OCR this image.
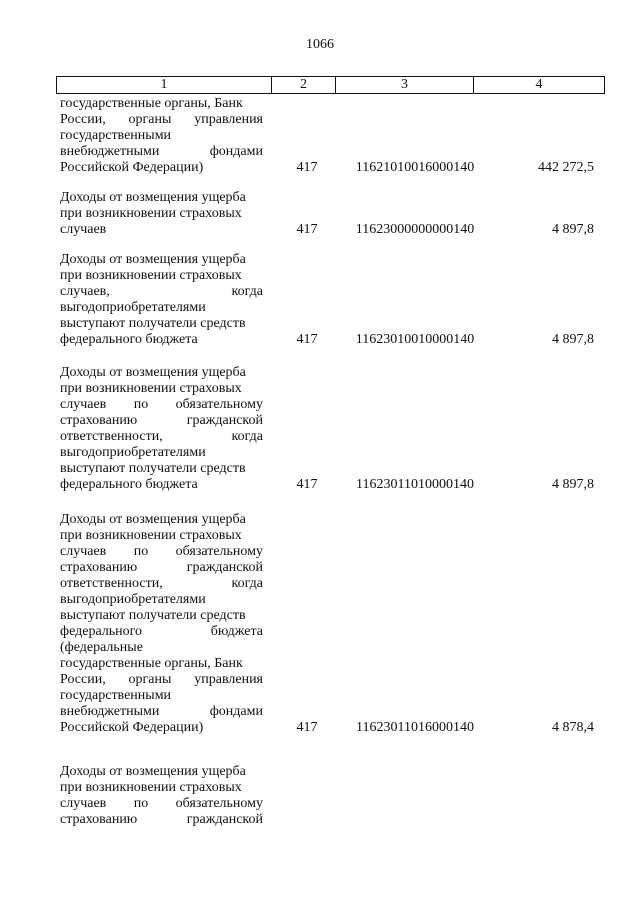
1066
1	2	3	4
государственные органы, Банк
России, органы управления
государственными
внебюджетными фондами
Российской Федерации)	417	11621010016000140	442 272,5
Доходы от возмещения ущерба
при возникновении страховых
случаев	417	11623000000000140	4 897,8
Доходы от возмещения ущерба
при возникновении страховых
случаев, когда
выгодоприобретателями
выступают получатели средств
федерального бюджета	417	11623010010000140	4 897,8
Доходы от возмещения ущерба
при возникновении страховых
случаев по обязательному
страхованию гражданской
ответственности, когда
выгодоприобретателями
выступают получатели средств
федерального бюджета	417	11623011010000140	4 897,8
Доходы от возмещения ущерба
при возникновении страховых
случаев по обязательному
страхованию гражданской
ответственности, когда
выгодоприобретателями
выступают получатели средств
федерального бюджета
(федеральные
государственные органы, Банк
России, органы управления
государственными
внебюджетными фондами
Российской Федерации)	417	11623011016000140	4 878,4
Доходы от возмещения ущерба
при возникновении страховых
случаев по обязательному
страхованию гражданской
